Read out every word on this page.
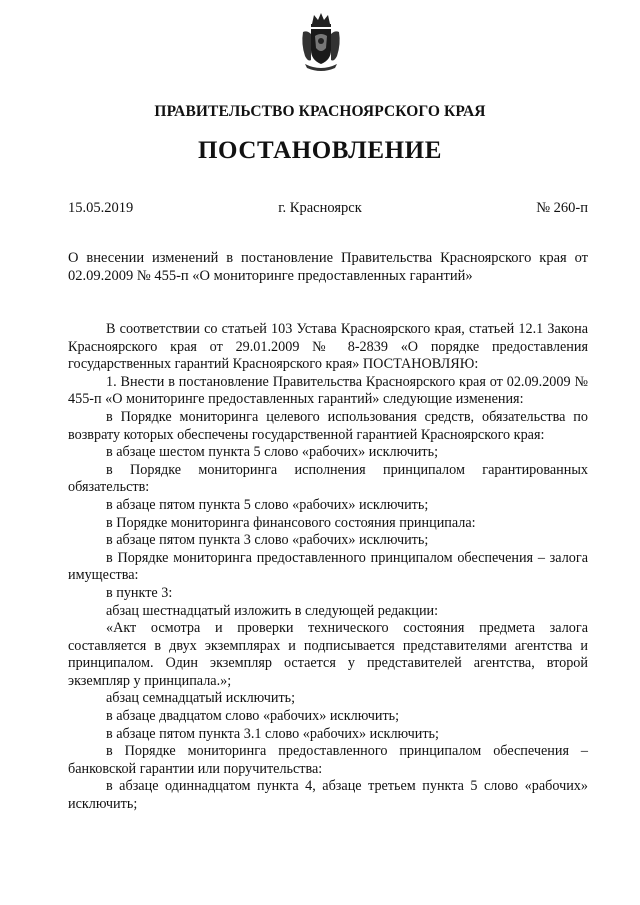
ПРАВИТЕЛЬСТВО КРАСНОЯРСКОГО КРАЯ
ПОСТАНОВЛЕНИЕ
15.05.2019	г. Красноярск	№ 260-п
О внесении изменений в постановление Правительства Красноярского края от 02.09.2009 № 455-п «О мониторинге предоставленных гарантий»

В соответствии со статьей 103 Устава Красноярского края, статьей 12.1 Закона Красноярского края от 29.01.2009 № 8-2839 «О порядке предоставления государственных гарантий Красноярского края» ПОСТАНОВЛЯЮ:

1. Внести в постановление Правительства Красноярского края от 02.09.2009 № 455-п «О мониторинге предоставленных гарантий» следующие изменения:

в Порядке мониторинга целевого использования средств, обязательства по возврату которых обеспечены государственной гарантией Красноярского края:

в абзаце шестом пункта 5 слово «рабочих» исключить;

в Порядке мониторинга исполнения принципалом гарантированных обязательств:

в абзаце пятом пункта 5 слово «рабочих» исключить;

в Порядке мониторинга финансового состояния принципала:

в абзаце пятом пункта 3 слово «рабочих» исключить;

в Порядке мониторинга предоставленного принципалом обеспечения – залога имущества:

в пункте 3:

абзац шестнадцатый изложить в следующей редакции:

«Акт осмотра и проверки технического состояния предмета залога составляется в двух экземплярах и подписывается представителями агентства и принципалом. Один экземпляр остается у представителей агентства, второй экземпляр у принципала.»;

абзац семнадцатый исключить;

в абзаце двадцатом слово «рабочих» исключить;

в абзаце пятом пункта 3.1 слово «рабочих» исключить;

в Порядке мониторинга предоставленного принципалом обеспечения – банковской гарантии или поручительства:

в абзаце одиннадцатом пункта 4, абзаце третьем пункта 5 слово «рабочих» исключить;
